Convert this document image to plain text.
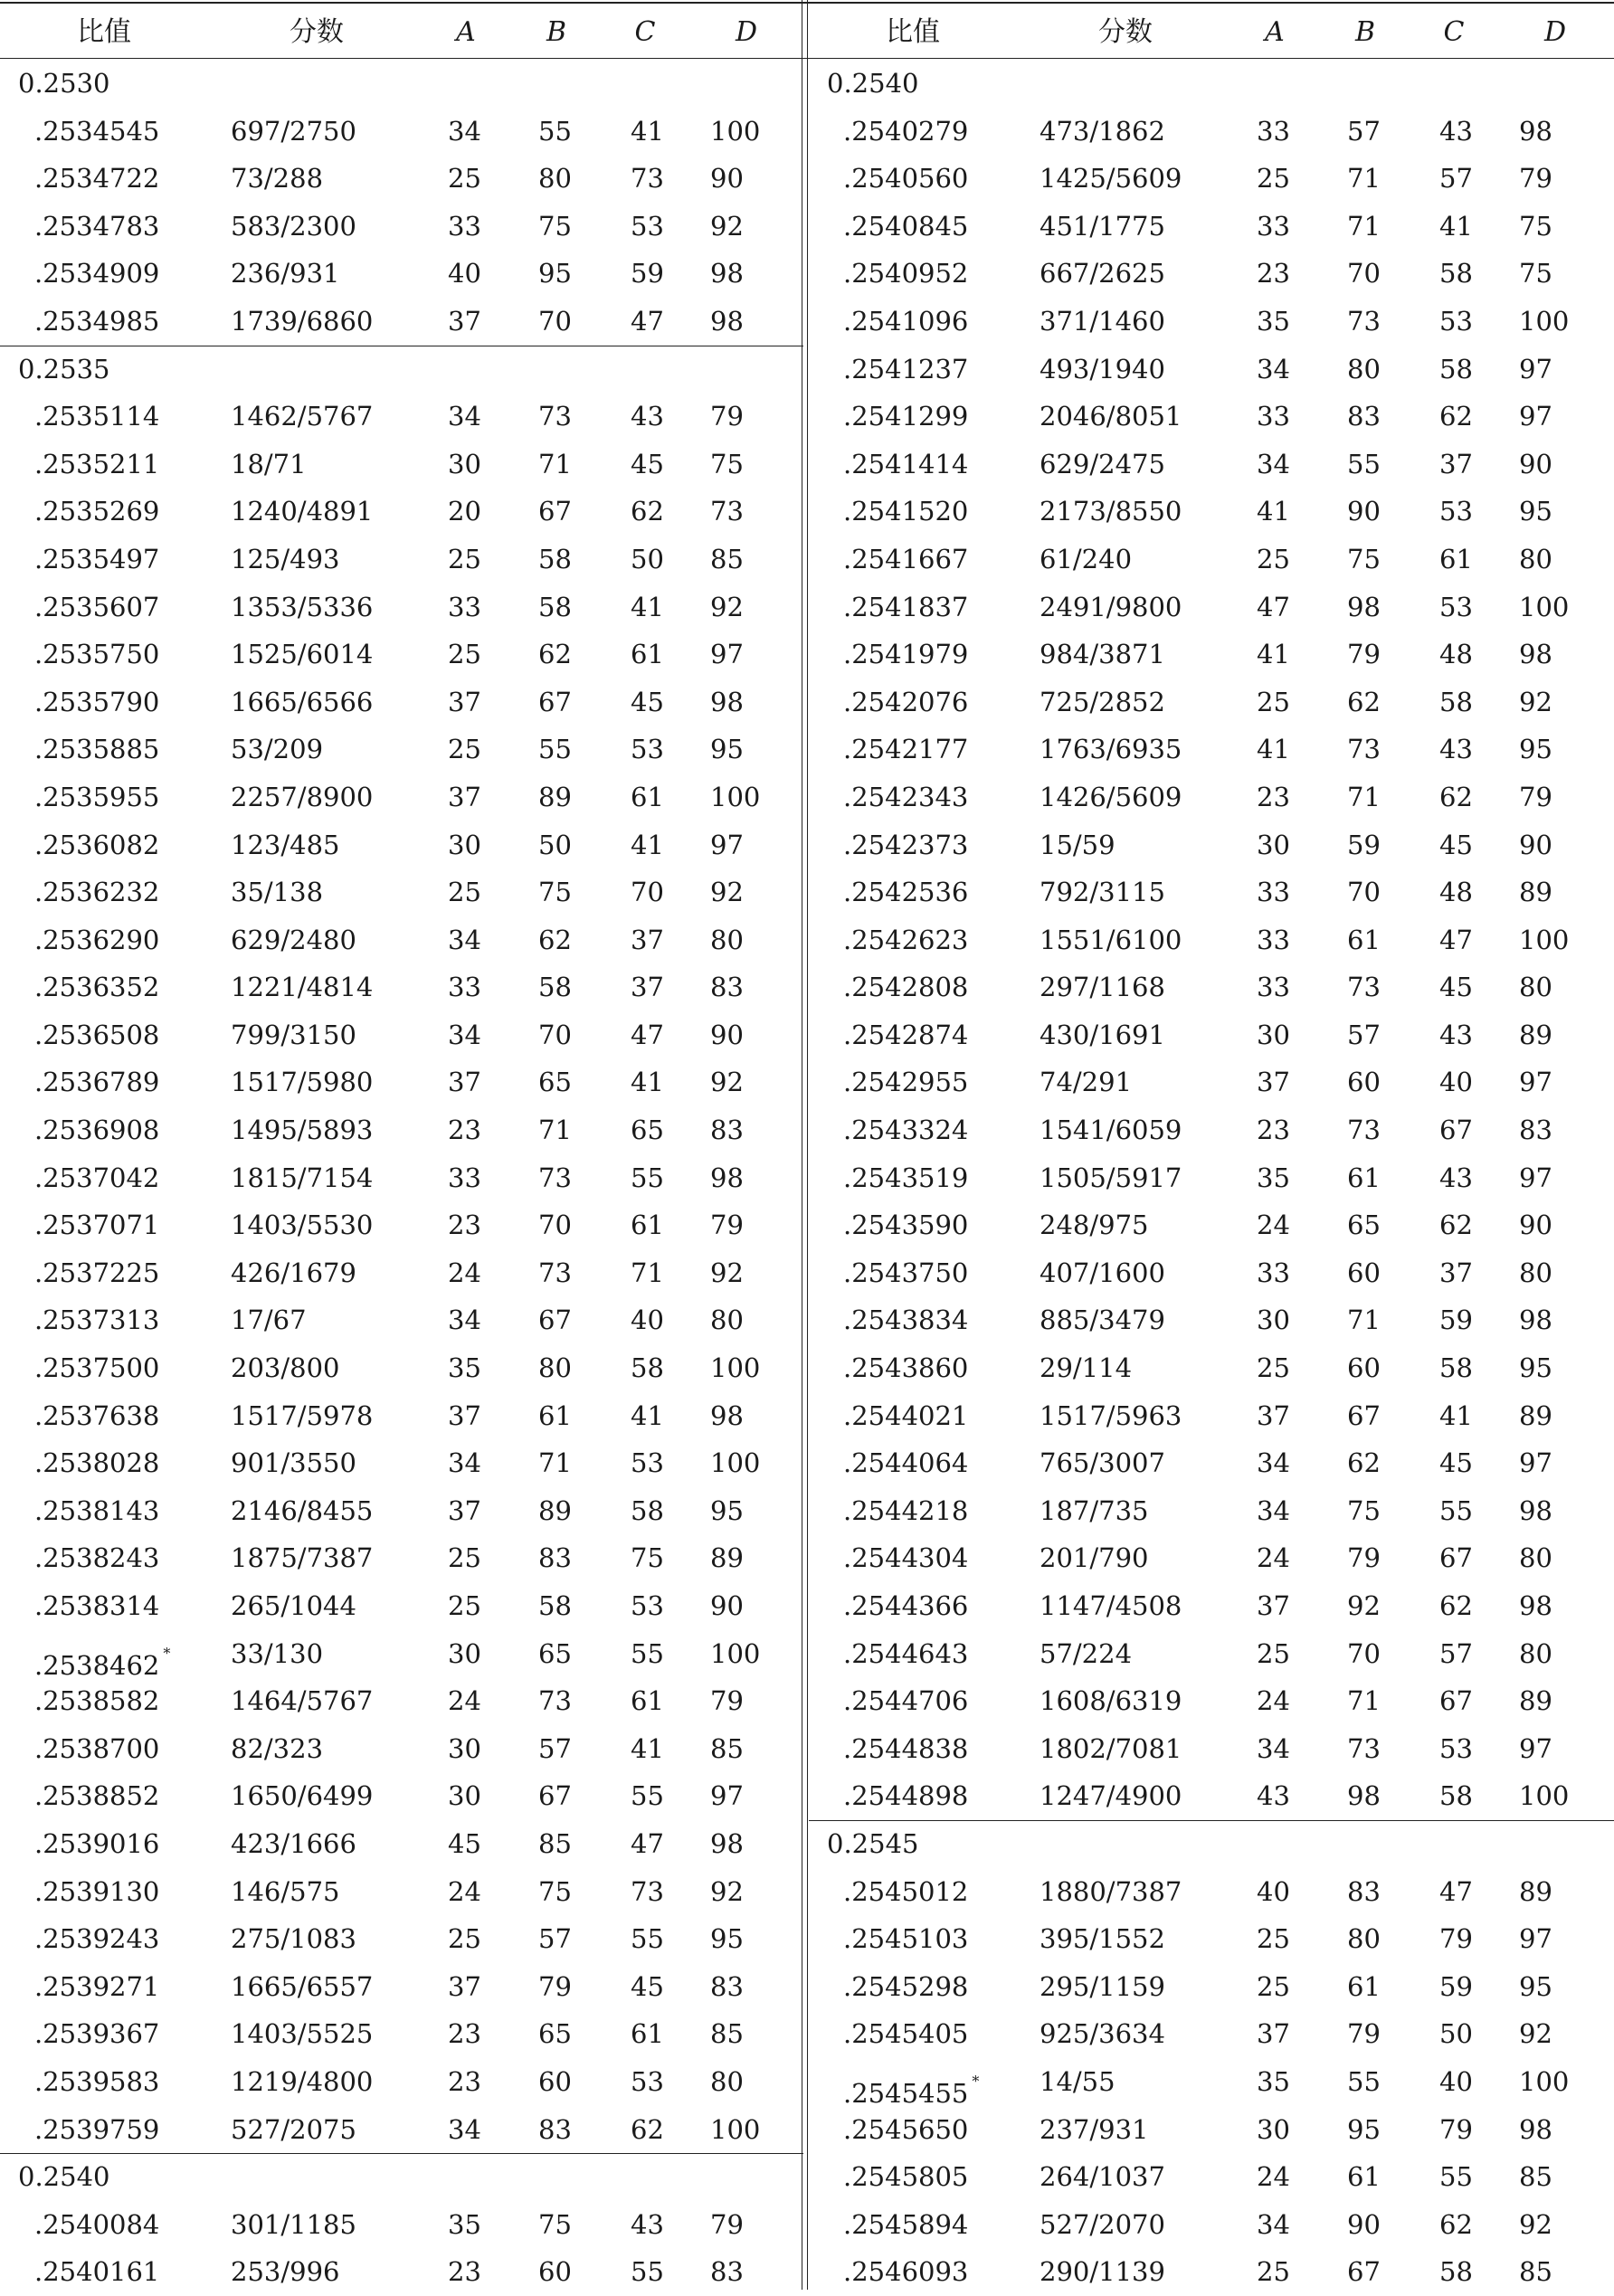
比值	分数	A	B	C	D
0.2530
.2534545	697/2750	34 55 41 100
.2534722	73/288	25 80 73 90
.2534783	583/2300	33 75 53 92
.2534909	236/931	40 95 59 98
.2534985	1739/6860	37 70 47 98
0.2535
.2535114	1462/5767	34 73 43 79
.2535211	18/71	30 71 45 75
.2535269	1240/4891	20 67 62 73
.2535497	125/493	25 58 50 85
.2535607	1353/5336	33 58 41 92
.2535750	1525/6014	25 62 61 97
.2535790	1665/6566	37 67 45 98
.2535885	53/209	25 55 53 95
.2535955	2257/8900	37 89 61 100
.2536082	123/485	30 50 41 97
.2536232	35/138	25 75 70 92
.2536290	629/2480	34 62 37 80
.2536352	1221/4814	33 58 37 83
.2536508	799/3150	34 70 47 90
.2536789	1517/5980	37 65 41 92
.2536908	1495/5893	23 71 65 83
.2537042	1815/7154	33 73 55 98
.2537071	1403/5530	23 70 61 79
.2537225	426/1679	24 73 71 92
.2537313	17/67	34 67 40 80
.2537500	203/800	35 80 58 100
.2537638	1517/5978	37 61 41 98
.2538028	901/3550	34 71 53 100
.2538143	2146/8455	37 89 58 95
.2538243	1875/7387	25 83 75 89
.2538314	265/1044	25 58 53 90
.2538462 * 33/130	30 65 55 100
.2538582	1464/5767	24 73 61 79
.2538700	82/323	30 57 41 85
.2538852	1650/6499	30 67 55 97
.2539016	423/1666	45 85 47 98
.2539130	146/575	24 75 73 92
.2539243	275/1083	25 57 55 95
.2539271	1665/6557	37 79 45 83
.2539367	1403/5525	23 65 61 85
.2539583	1219/4800	23 60 53 80
.2539759	527/2075	34 83 62 100
0.2540
.2540084	301/1185	35 75 43 79
.2540161	253/996	23 60 55 83
比值	分数	A	B	C	D
0.2540
.2540279	473/1862	33 57 43 98
.2540560	1425/5609	25 71 57 79
.2540845	451/1775	33 71 41 75
.2540952	667/2625	23 70 58 75
.2541096	371/1460	35 73 53 100
.2541237	493/1940	34 80 58 97
.2541299	2046/8051	33 83 62 97
.2541414	629/2475	34 55 37 90
.2541520	2173/8550	41 90 53 95
.2541667	61/240	25 75 61 80
.2541837	2491/9800	47 98 53 100
.2541979	984/3871	41 79 48 98
.2542076	725/2852	25 62 58 92
.2542177	1763/6935	41 73 43 95
.2542343	1426/5609	23 71 62 79
.2542373	15/59	30 59 45 90
.2542536	792/3115	33 70 48 89
.2542623	1551/6100	33 61 47 100
.2542808	297/1168	33 73 45 80
.2542874	430/1691	30 57 43 89
.2542955	74/291	37 60 40 97
.2543324	1541/6059	23 73 67 83
.2543519	1505/5917	35 61 43 97
.2543590	248/975	24 65 62 90
.2543750	407/1600	33 60 37 80
.2543834	885/3479	30 71 59 98
.2543860	29/114	25 60 58 95
.2544021	1517/5963	37 67 41 89
.2544064	765/3007	34 62 45 97
.2544218	187/735	34 75 55 98
.2544304	201/790	24 79 67 80
.2544366	1147/4508	37 92 62 98
.2544643	57/224	25 70 57 80
.2544706	1608/6319	24 71 67 89
.2544838	1802/7081	34 73 53 97
.2544898	1247/4900	43 98 58 100
0.2545
.2545012	1880/7387	40 83 47 89
.2545103	395/1552	25 80 79 97
.2545298	295/1159	25 61 59 95
.2545405	925/3634	37 79 50 92
.2545455 * 14/55	35 55 40 100
.2545650	237/931	30 95 79 98
.2545805	264/1037	24 61 55 85
.2545894	527/2070	34 90 62 92
.2546093	290/1139	25 67 58 85
